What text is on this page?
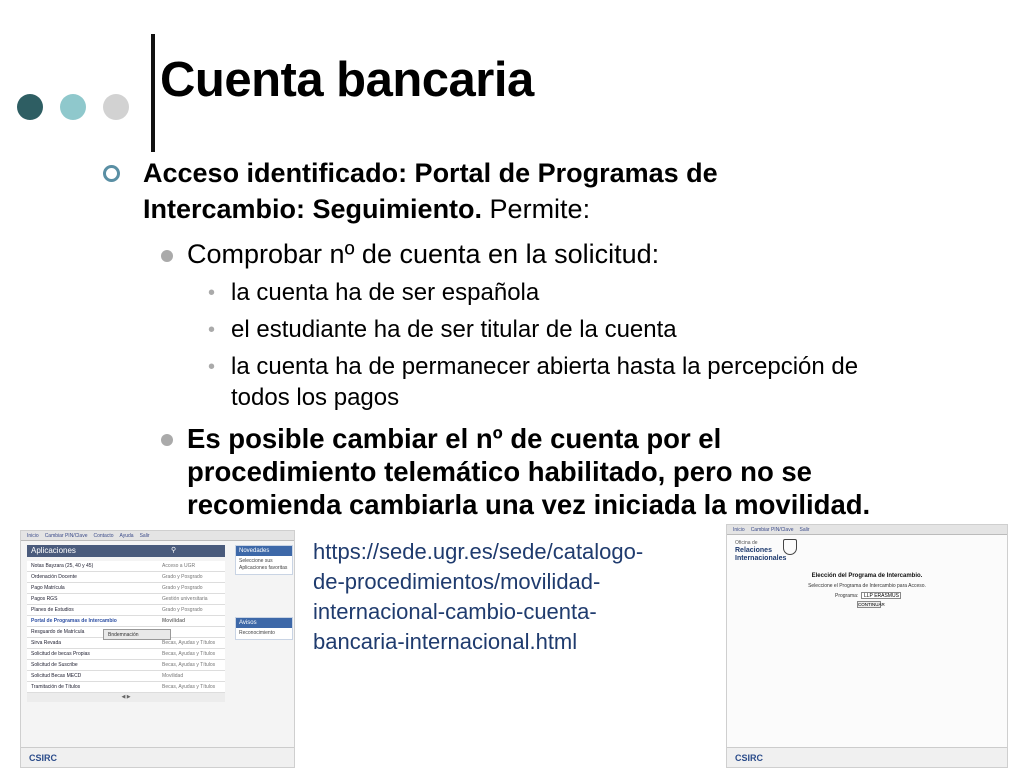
Cuenta bancaria
Acceso identificado: Portal de Programas de Intercambio: Seguimiento. Permite:
Comprobar nº de cuenta en la solicitud:
• la cuenta ha de ser española
• el estudiante ha de ser titular de la cuenta
• la cuenta ha de permanecer abierta hasta la percepción de
todos los pagos
Es posible cambiar el nº de cuenta por el
procedimiento telemático habilitado, pero no se
recomienda cambiarla una vez iniciada la movilidad.
https://sede.ugr.es/sede/catalogo-
de-procedimientos/movilidad-
internacional-cambio-cuenta-
bancaria-internacional.html
Inicio Cambiar PIN/Clave Contacto Ayuda Salir
Aplicaciones	⚲
Notas Bayzara (25, 40 y 45)	Acceso a UGR
Ordenación Docente	Grado y Posgrado
Pago Matrícula	Grado y Posgrado
Pagos RGS	Gestión universitaria
Planes de Estudios	Grado y Posgrado
Portal de Programas de Intercambio	Movilidad
Resguardo de Matrícula
Sirva Revada	Becas, Ayudas y Títulos
Solicitud de becas Propias	Becas, Ayudas y Títulos
Solicitud de Suscribe	Becas, Ayudas y Títulos
Solicitud Becas MECD	Movilidad
Tramitación de Títulos	Becas, Ayudas y Títulos
Bndemnación
◀ ▶
Novedades
Seleccione sus Aplicaciones favoritas
Avisos
Reconocimiento
CSIRC
Inicio Cambiar PIN/Clave Salir
Oficina de
Relaciones
Internacionales
Elección del Programa de Intercambio.
Seleccione el Programa de Intercambio para Acceso.
Programa:	LLP ERASMUS
CONTINUAR
CSIRC
